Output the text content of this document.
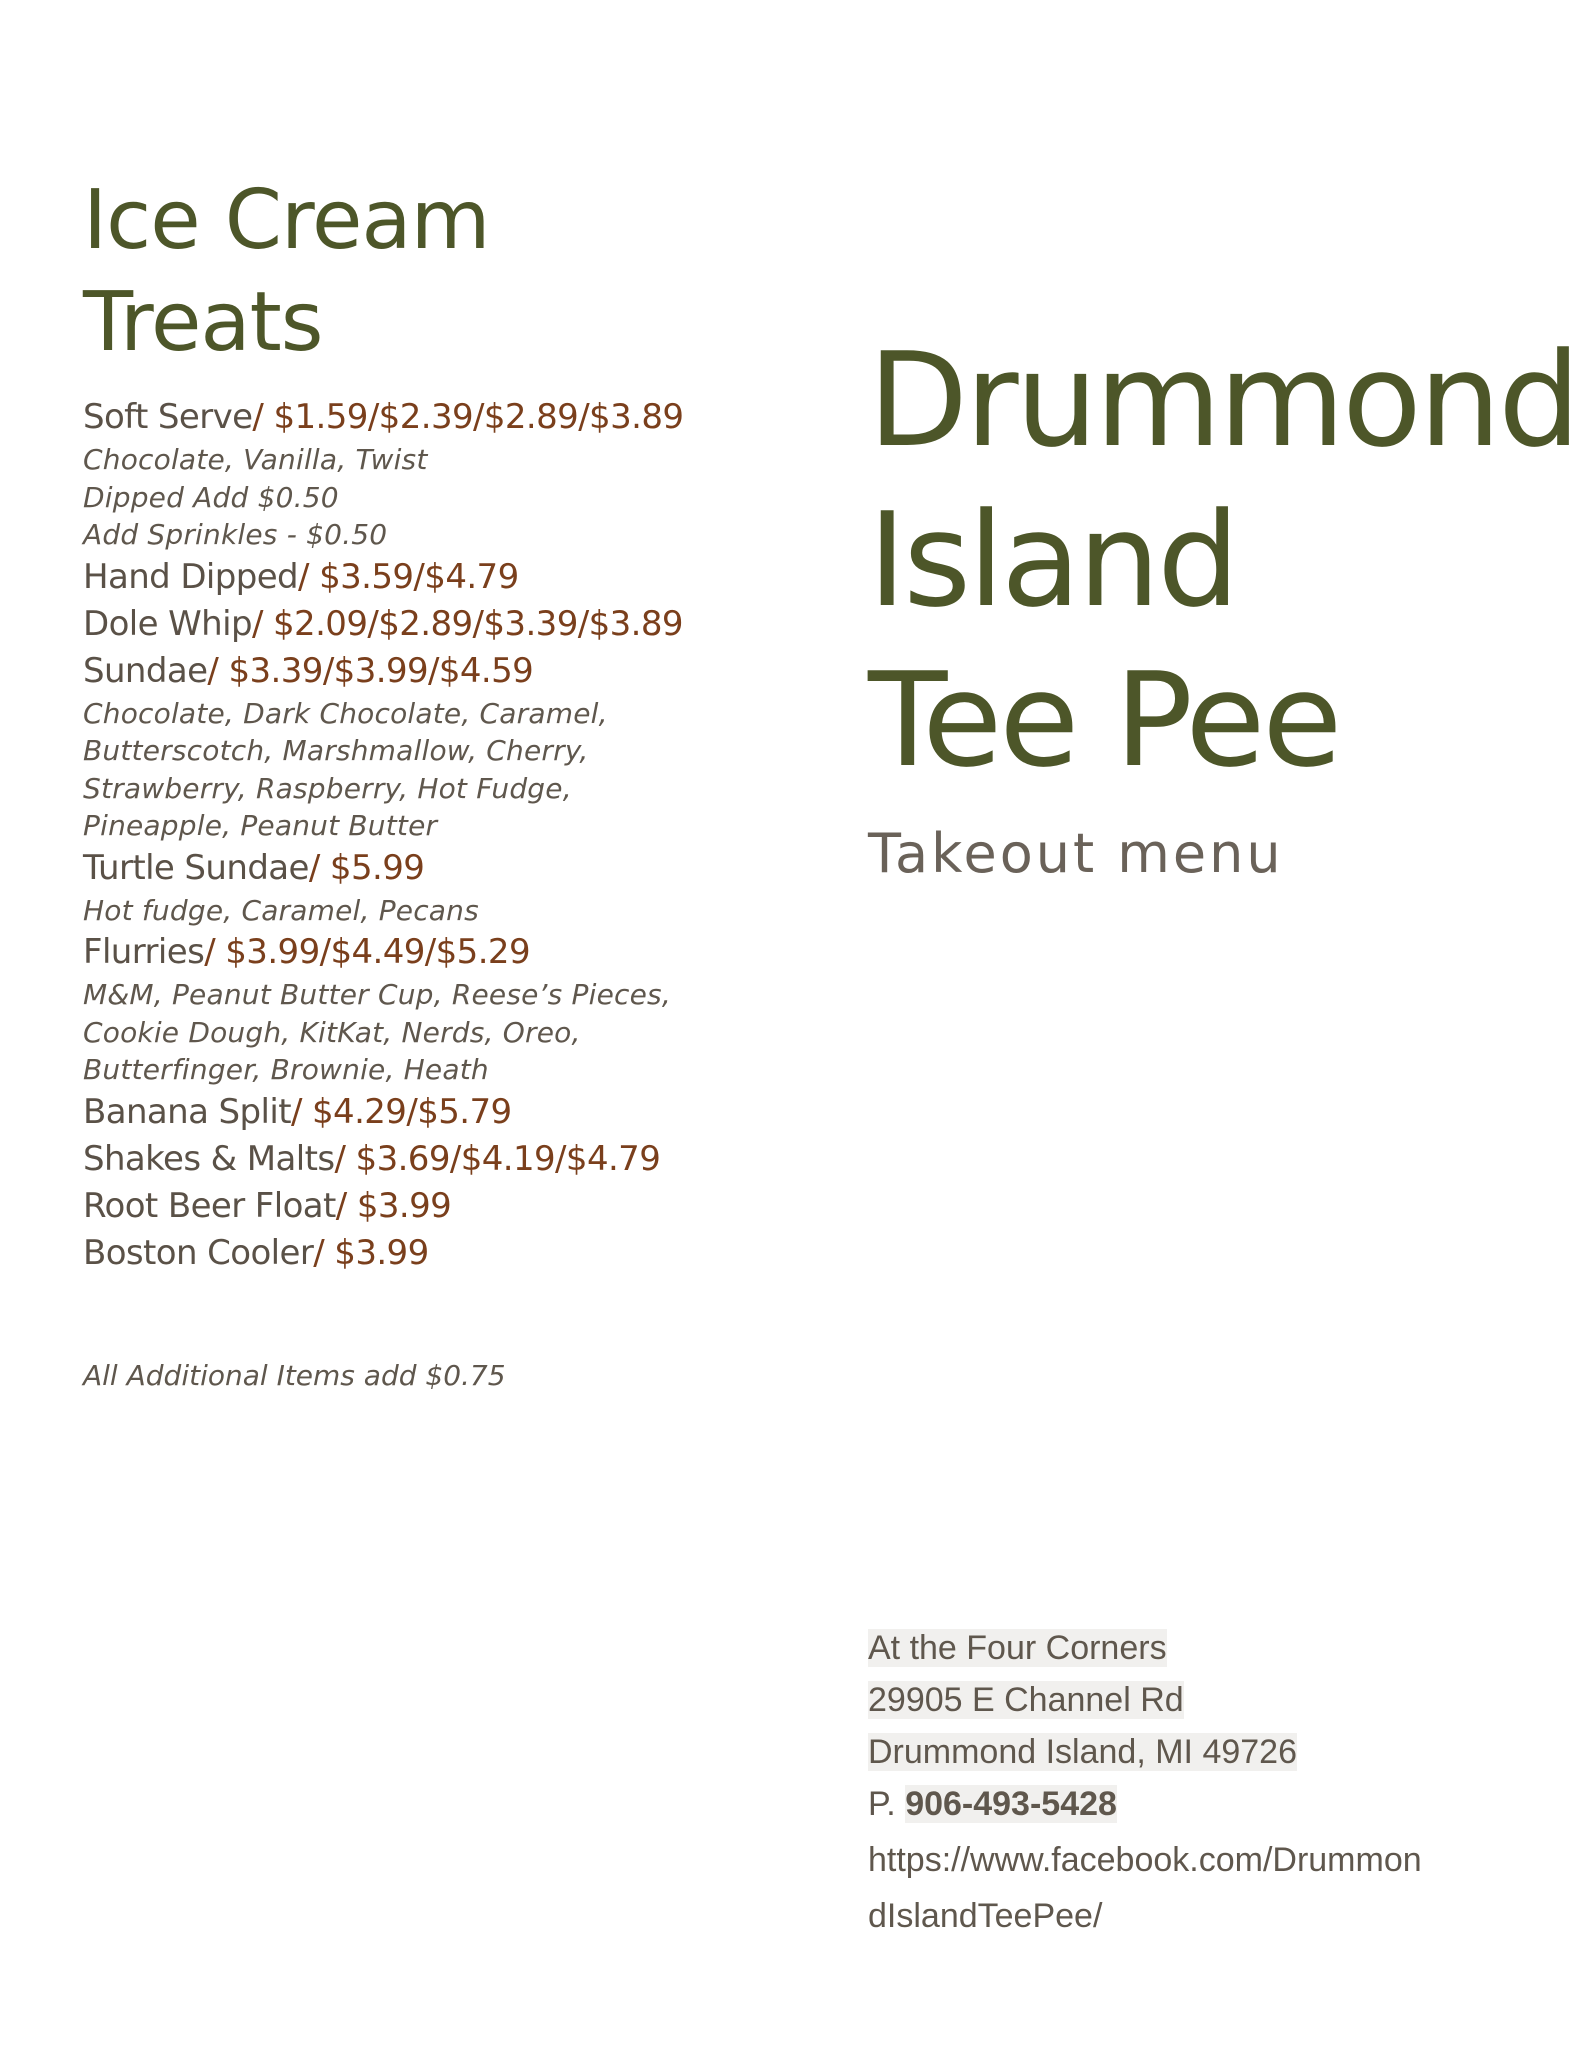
Ice Cream
Treats
Soft Serve/ $1.59/$2.39/$2.89/$3.89
Chocolate, Vanilla, Twist
Dipped Add $0.50
Add Sprinkles - $0.50
Hand Dipped/ $3.59/$4.79
Dole Whip/ $2.09/$2.89/$3.39/$3.89
Sundae/ $3.39/$3.99/$4.59
Chocolate, Dark Chocolate, Caramel,
Butterscotch, Marshmallow, Cherry,
Strawberry, Raspberry, Hot Fudge,
Pineapple, Peanut Butter
Turtle Sundae/ $5.99
Hot fudge, Caramel, Pecans
Flurries/ $3.99/$4.49/$5.29
M&M, Peanut Butter Cup, Reese’s Pieces,
Cookie Dough, KitKat, Nerds, Oreo,
Butterfinger, Brownie, Heath
Banana Split/ $4.29/$5.79
Shakes & Malts/ $3.69/$4.19/$4.79
Root Beer Float/ $3.99
Boston Cooler/ $3.99
All Additional Items add $0.75
Drummond
Island
Tee Pee
Takeout menu
At the Four Corners
29905 E Channel Rd
Drummond Island, MI 49726
P. 906-493-5428
https://www.facebook.com/Drummon
dIslandTeePee/
